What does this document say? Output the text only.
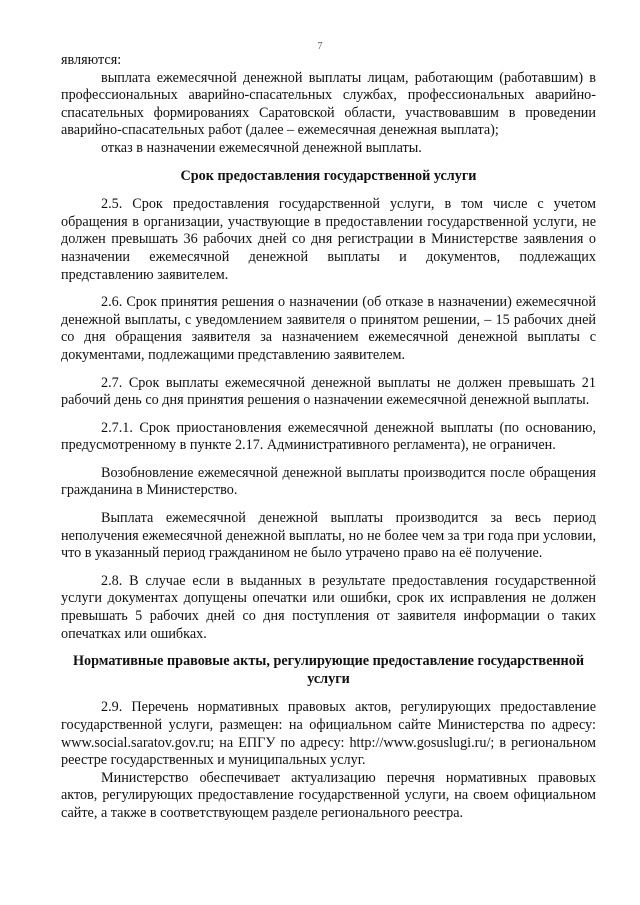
7

являются:

выплата ежемесячной денежной выплаты лицам, работающим (работавшим) в профессиональных аварийно-спасательных службах, профессиональных аварийно-спасательных формированиях Саратовской области, участвовавшим в проведении аварийно-спасательных работ (далее – ежемесячная денежная выплата);

отказ в назначении ежемесячной денежной выплаты.

Срок предоставления государственной услуги

2.5. Срок предоставления государственной услуги, в том числе с учетом обращения в организации, участвующие в предоставлении государственной услуги, не должен превышать 36 рабочих дней со дня регистрации в Министерстве заявления о назначении ежемесячной денежной выплаты и документов, подлежащих представлению заявителем.

2.6. Срок принятия решения о назначении (об отказе в назначении) ежемесячной денежной выплаты, с уведомлением заявителя о принятом решении, – 15 рабочих дней со дня обращения заявителя за назначением ежемесячной денежной выплаты с документами, подлежащими представлению заявителем.

2.7. Срок выплаты ежемесячной денежной выплаты не должен превышать 21 рабочий день со дня принятия решения о назначении ежемесячной денежной выплаты.

2.7.1. Срок приостановления ежемесячной денежной выплаты (по основанию, предусмотренному в пункте 2.17. Административного регламента), не ограничен.

Возобновление ежемесячной денежной выплаты производится после обращения гражданина в Министерство.

Выплата ежемесячной денежной выплаты производится за весь период неполучения ежемесячной денежной выплаты, но не более чем за три года при условии, что в указанный период гражданином не было утрачено право на её получение.

2.8. В случае если в выданных в результате предоставления государственной услуги документах допущены опечатки или ошибки, срок их исправления не должен превышать 5 рабочих дней со дня поступления от заявителя информации о таких опечатках или ошибках.

Нормативные правовые акты, регулирующие предоставление государственной услуги

2.9. Перечень нормативных правовых актов, регулирующих предоставление государственной услуги, размещен: на официальном сайте Министерства по адресу: www.social.saratov.gov.ru; на ЕПГУ по адресу: http://www.gosuslugi.ru/; в региональном реестре государственных и муниципальных услуг.

Министерство обеспечивает актуализацию перечня нормативных правовых актов, регулирующих предоставление государственной услуги, на своем официальном сайте, а также в соответствующем разделе регионального реестра.
